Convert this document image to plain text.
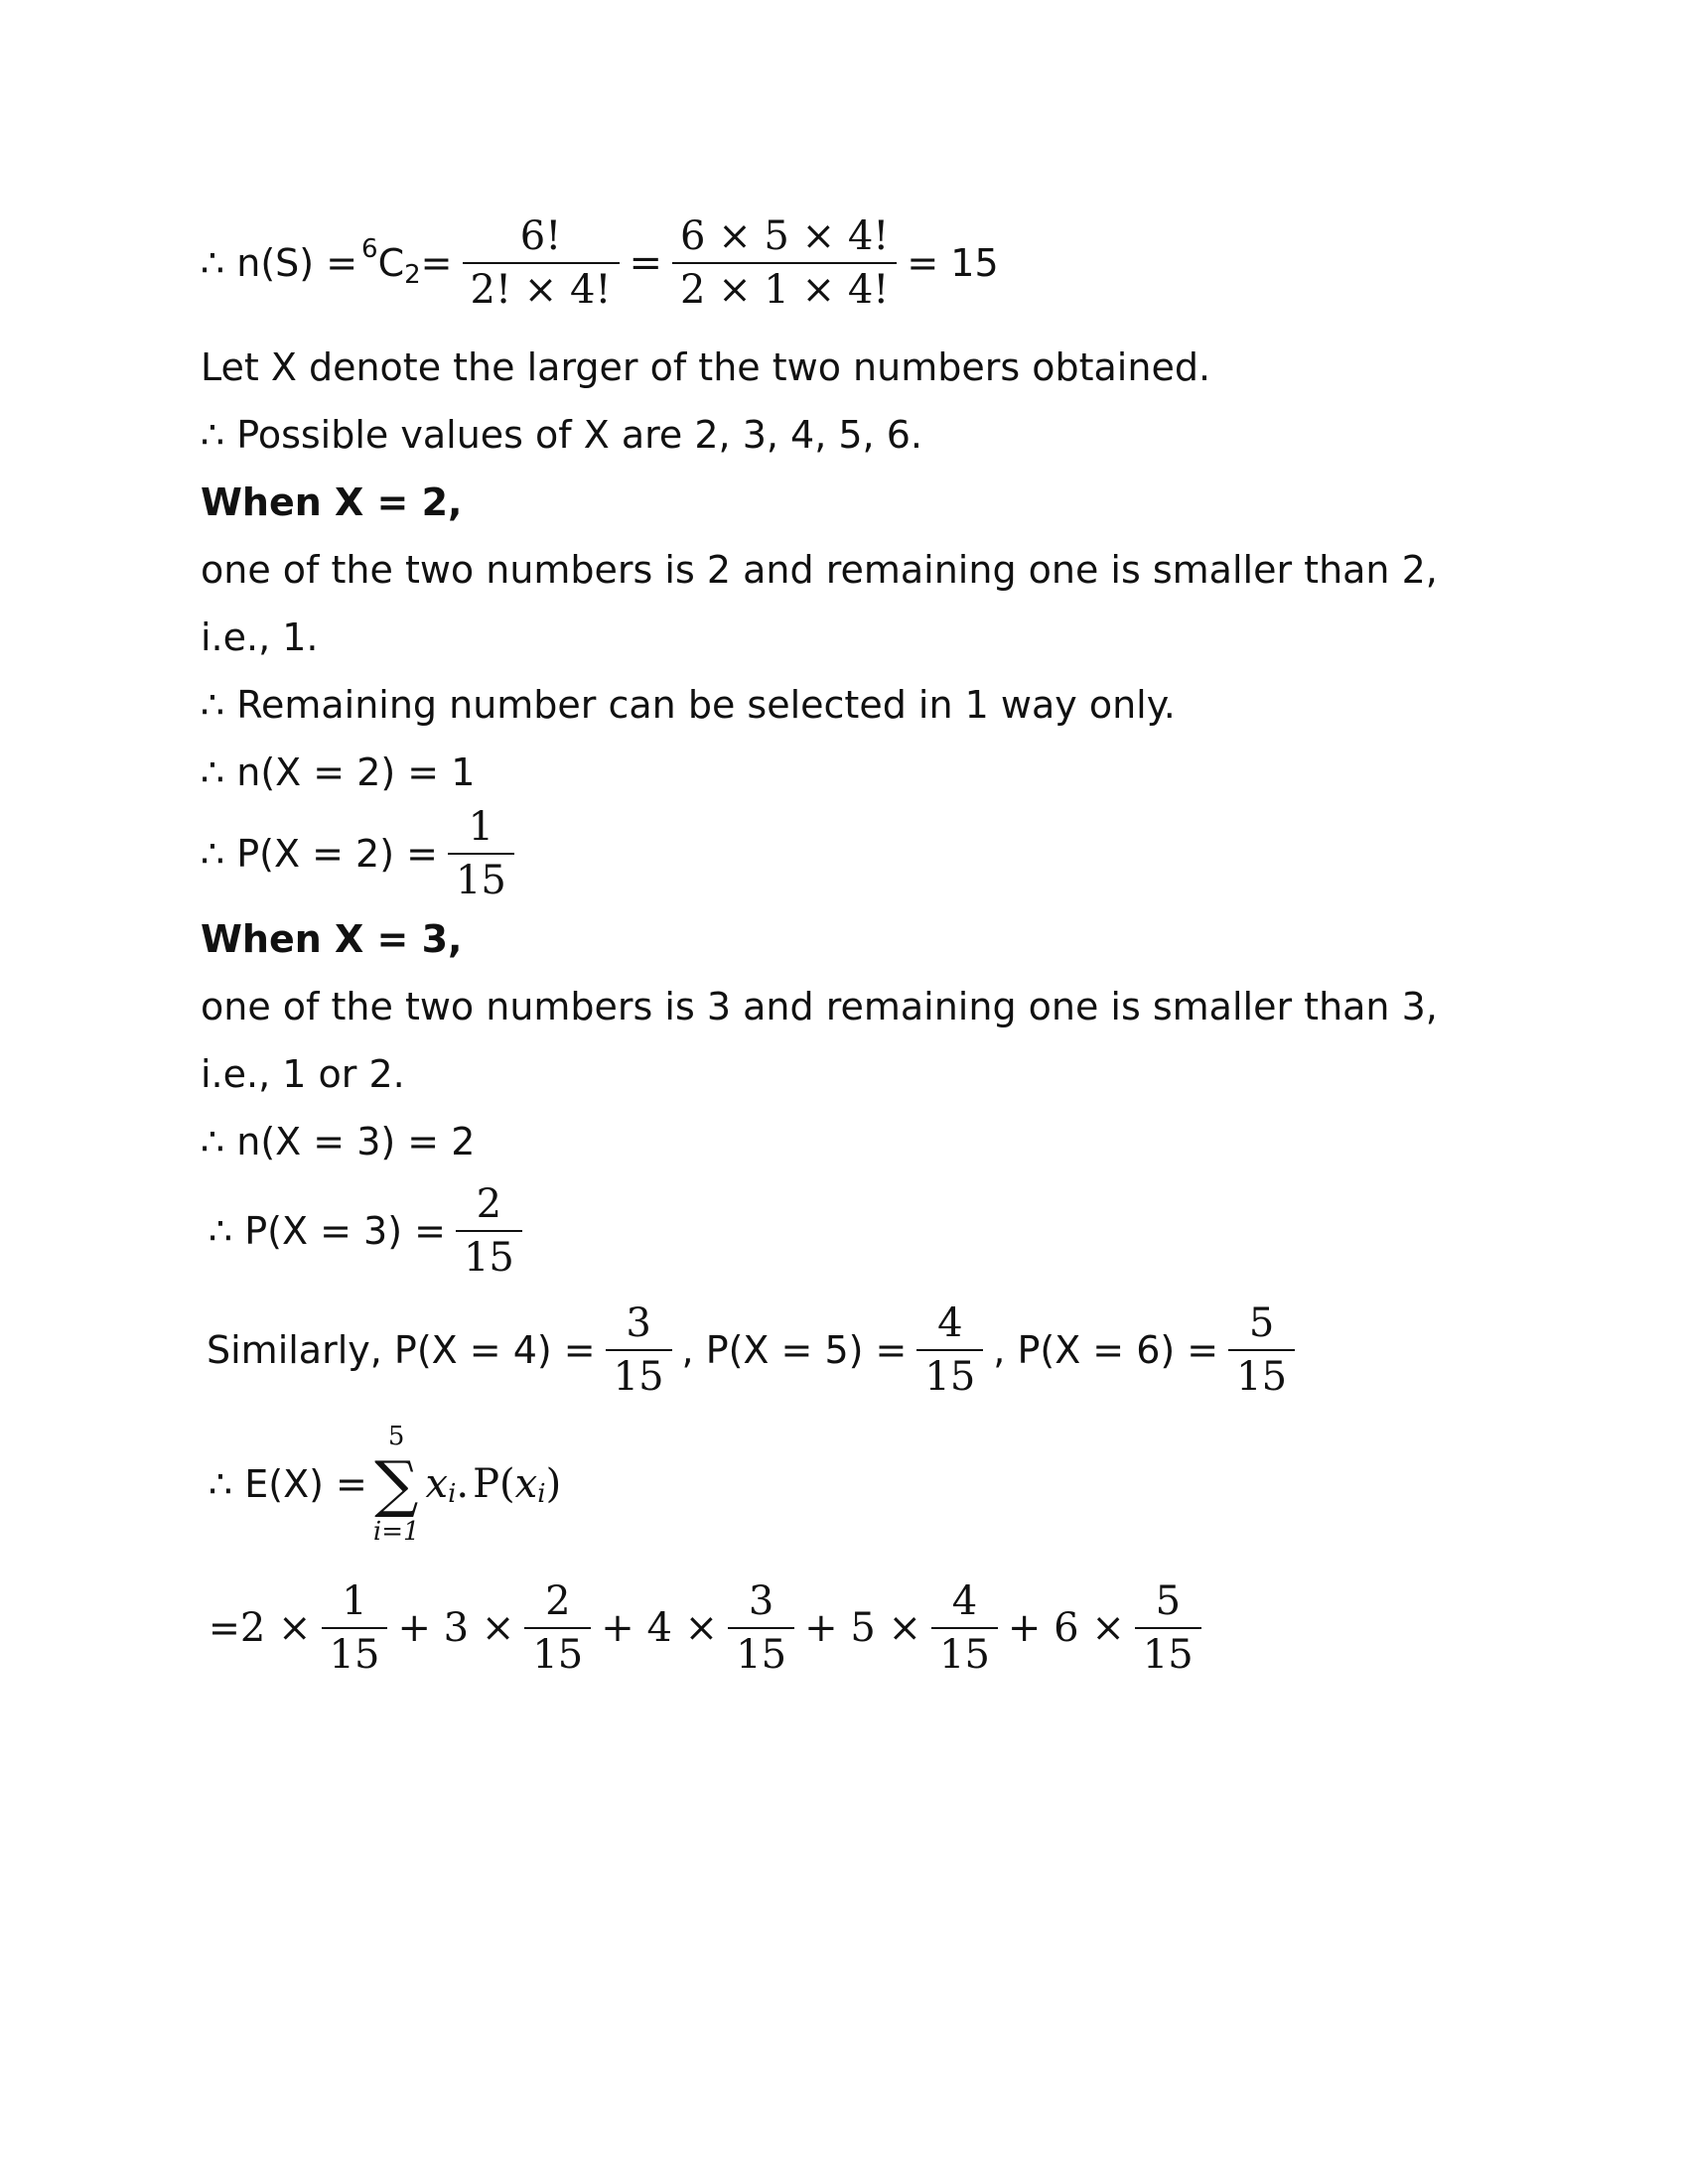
∴ n(S) = 6 C $2 = \frac{6!}{2! \times 4!} = \frac{6 \times 5 \times 4!}{2 \times 1 \times 4!} = 15$
Let X denote the larger of the two numbers obtained.
∴ Possible values of X are 2, 3, 4, 5, 6.
When X = 2,
one of the two numbers is 2 and remaining one is smaller than 2,
i.e., 1.
∴ Remaining number can be selected in 1 way only.
∴ n(X = 2) = 1
∴ $P(X = 2) = \frac{1}{15}$
When X = 3,
one of the two numbers is 3 and remaining one is smaller than 3,
i.e., 1 or 2.
∴ n(X = 3) = 2
∴ $P(X = 3) = \frac{2}{15}$
Similarly, $P(X = 4) = \frac{3}{15}$ , $P(X = 5) = \frac{4}{15}$ , $P(X = 6) = \frac{5}{15}$
∴ E(X) =
5
∑
i=1
x i . P( x i )
= $2 \times \frac{1}{15} + 3 \times \frac{2}{15} + 4 \times \frac{3}{15} + 5 \times \frac{4}{15} + 6 \times \frac{5}{15}$
